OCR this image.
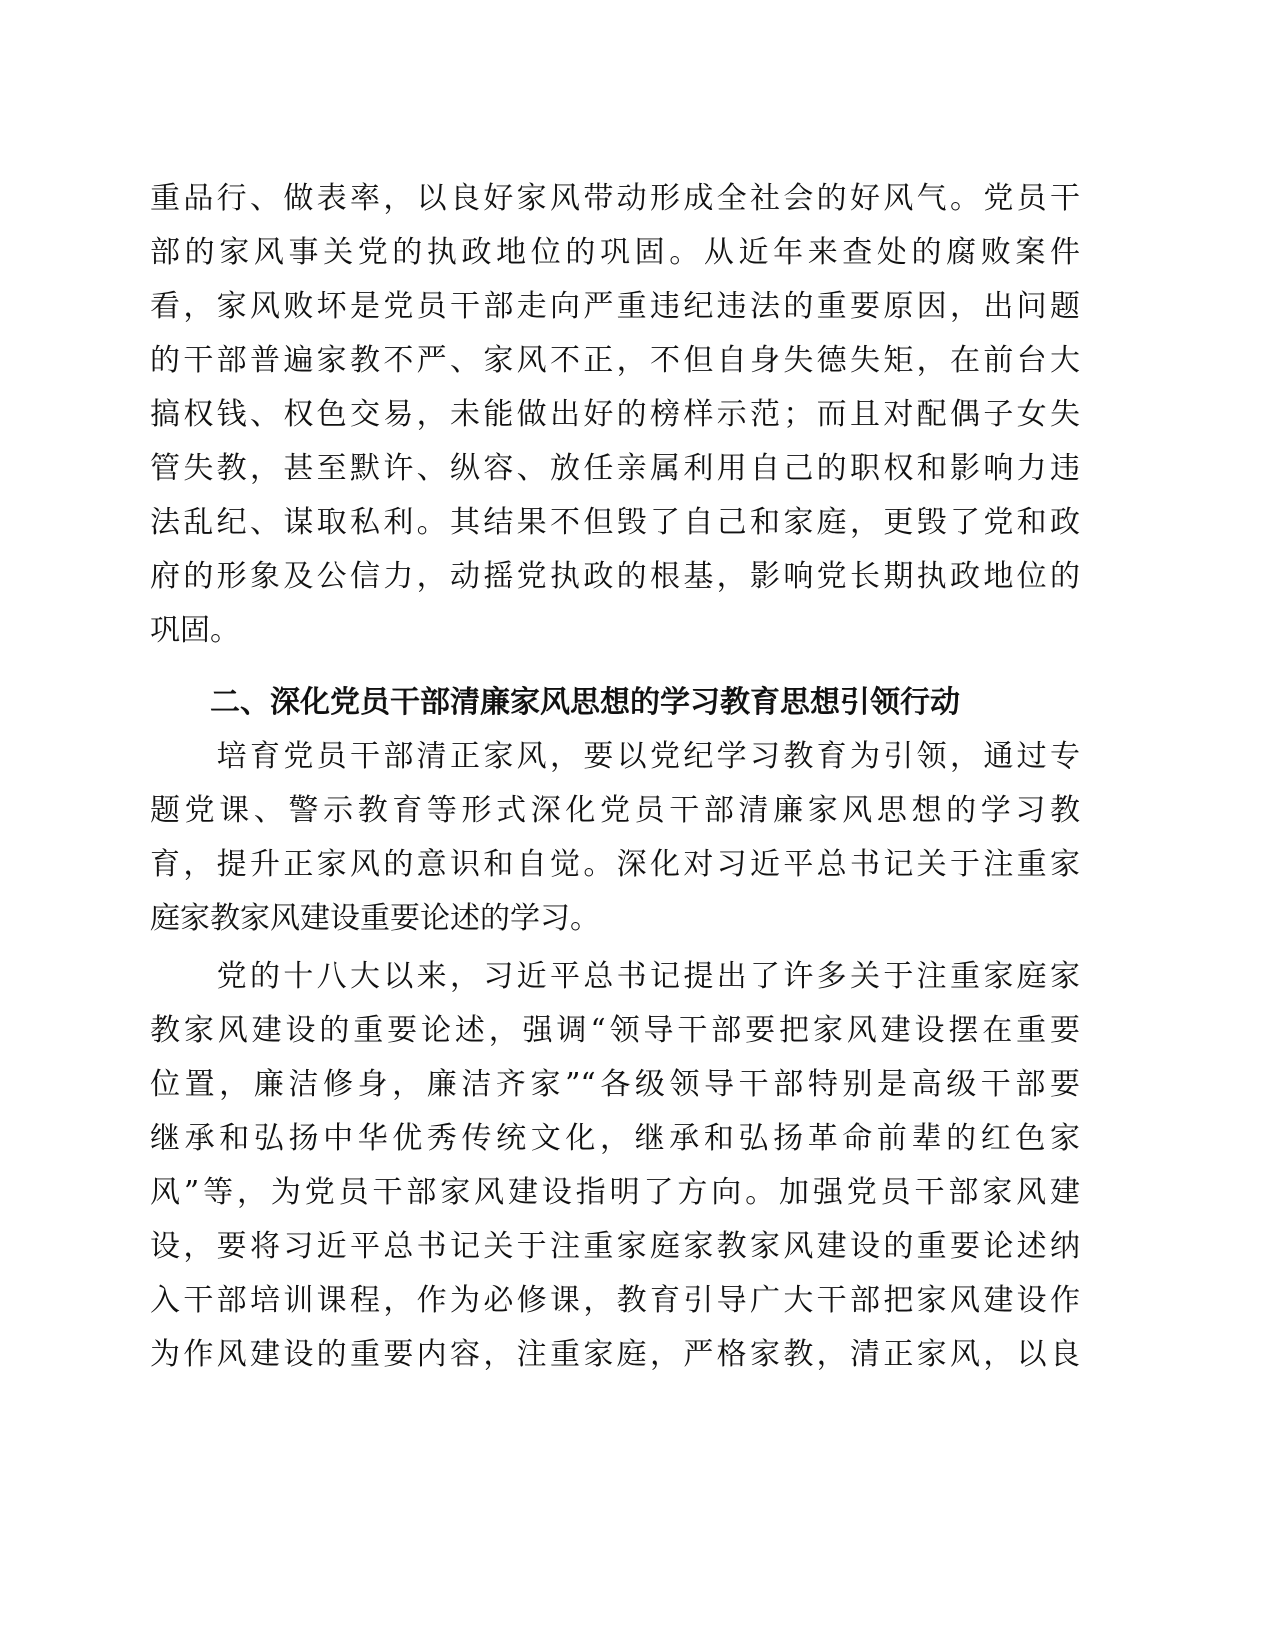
重品行、做表率，以良好家风带动形成全社会的好风气。党员干
部的家风事关党的执政地位的巩固。从近年来查处的腐败案件
看，家风败坏是党员干部走向严重违纪违法的重要原因，出问题
的干部普遍家教不严、家风不正，不但自身失德失矩，在前台大
搞权钱、权色交易，未能做出好的榜样示范；而且对配偶子女失
管失教，甚至默许、纵容、放任亲属利用自己的职权和影响力违
法乱纪、谋取私利。其结果不但毁了自己和家庭，更毁了党和政
府的形象及公信力，动摇党执政的根基，影响党长期执政地位的
巩固。
二、深化党员干部清廉家风思想的学习教育思想引领行动
　　培育党员干部清正家风，要以党纪学习教育为引领，通过专
题党课、警示教育等形式深化党员干部清廉家风思想的学习教
育，提升正家风的意识和自觉。深化对习近平总书记关于注重家
庭家教家风建设重要论述的学习。
　　党的十八大以来，习近平总书记提出了许多关于注重家庭家
教家风建设的重要论述，强调“领导干部要把家风建设摆在重要
位置，廉洁修身，廉洁齐家”“各级领导干部特别是高级干部要
继承和弘扬中华优秀传统文化，继承和弘扬革命前辈的红色家
风”等，为党员干部家风建设指明了方向。加强党员干部家风建
设，要将习近平总书记关于注重家庭家教家风建设的重要论述纳
入干部培训课程，作为必修课，教育引导广大干部把家风建设作
为作风建设的重要内容，注重家庭，严格家教，清正家风，以良
